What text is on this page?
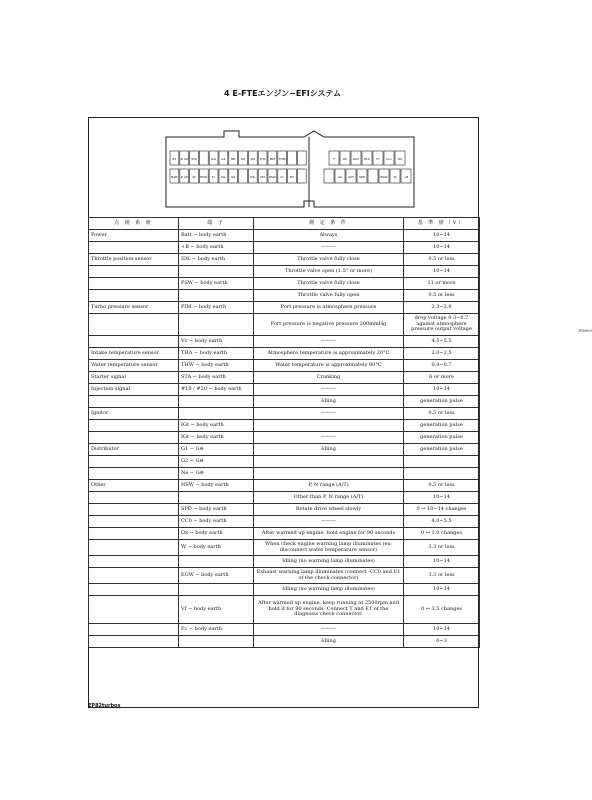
4 E-FTEエンジン−EFIシステム
E1 # 10 STA	G⊖ G1 NE IGt IGf	THA	PIM	THW
Batt # 20 W EGW Fc Ne G2	IDL VTA	PSW Vc E2
T	OX ACV	ELS Fc Cco Ws
AC ACT SPD	EGW W +B
FI5909
点 検 系 統	端 子	測 定 条 件	基 準 値（V）
Power	Batt − body earth	Always	10∼14
	+B − body earth	———	10∼14
Throttle position sensor	IDL − body earth	Throttle valve fully close	0.5 or less
		Throttle valve open (1.5° or more)	10∼14
	PSW − body earth	Throttle valve fully close	11 or more
		Throttle valve fully open	0.5 or less
Turbo pressure sensor	PIM − body earth	Port pressure is atmosphere pressure	2.3∼2.9
		Port pressure is negative pressure 200mmHg	drop voltage 0.3∼0.7 against atmosphere pressure output voltage
	Vc − body earth	———	4.5∼5.5
Intake temperature sensor	THA − body earth	Atmosphere temperature is approximately 20°C	2.0∼2.5
Water temperature sensor	THW − body earth	Water temperature is approximately 80°C	0.4∼0.7
Starter signal	STA − body earth	Cranking	6 or more
Injection signal	#10 / #20 − body earth	———	10∼14
		Idling	generation pulse
Ignitor		———	0.5 or less
	IGt − body earth		generation pulse
	IGt − body earth	———	generation pulse
Distributor	G1 − G⊖	Idling	generation pulse
	G2 − G⊖		
	Ne − G⊖		
Other	NSW − body earth	P, N range (A/T)	0.5 or less
		Other than P, N range (A/T)	10∼14
	SPD − body earth	Rotate drive wheel slowly	0 ↔ 10∼14 changes
	CC0 − body earth	———	4.0∼5.5
	Ox − body earth	After warmed up engine, hold engine for 90 seconds	0 ↔ 1.0 changes
	W − body earth	When check engine warning lamp illuminates (ex: disconnect water temperature sensor)	3.3 or less
		Idling (no warning lamp illuminates)	10∼14
	EGW − body earth	Exhaust warning lamp illuminates (connect -CC0 and E1 of the check connector)	3.3 or less
		Idling (no warning lamp illuminates)	10∼14
	Vf − body earth	After warmed up engine, keep running at 2500rpm and hold it for 90 seconds. Connect T and E1 of the diagnosis check connector.	0 ↔ 3.5 changes
	Fc − body earth	———	10∼14
		Idling	0∼3
EP82turbos
